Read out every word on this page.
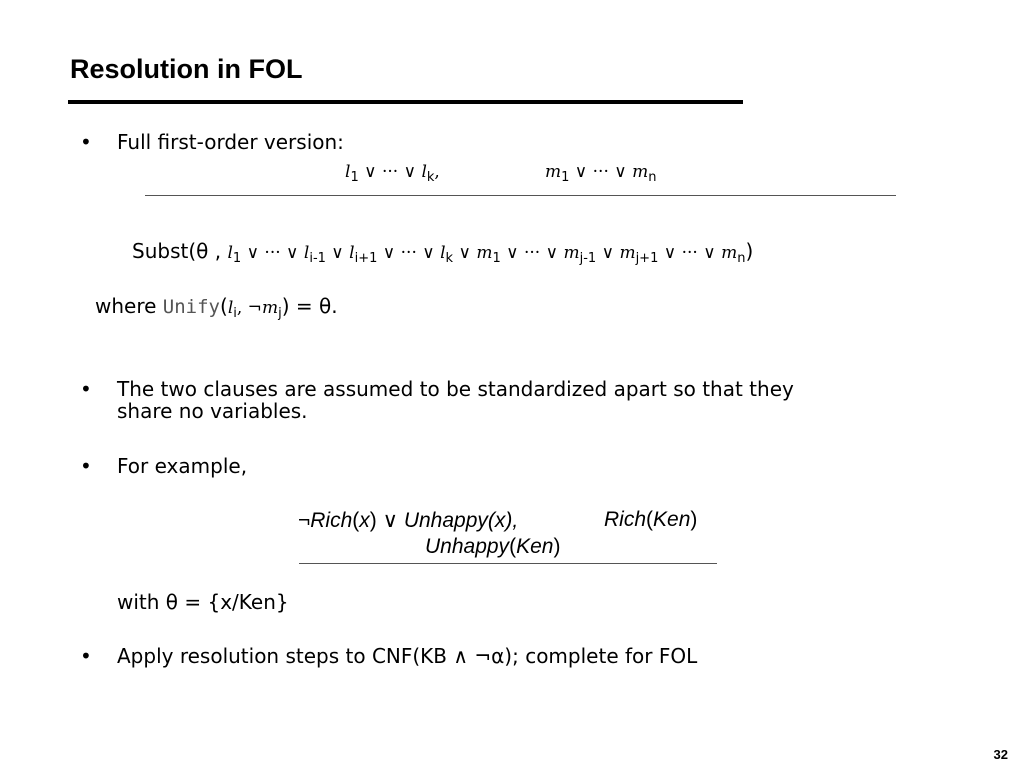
Resolution in FOL
• Full first-order version:
$l_1$ ∨ ··· ∨ $l_k$,	$m_1$ ∨ ··· ∨ $m_n$
Subst(θ , $l_1$ ∨ ··· ∨ $l_{i-1}$ ∨ $l_{i+1}$ ∨ ··· ∨ $l_k$ ∨ $m_1$ ∨ ··· ∨ $m_{j-1}$ ∨ $m_{j+1}$ ∨ ··· ∨ $m_n$)
where $Unify(l_i$, $\neg m_j) = \theta$.
• The two clauses are assumed to be standardized apart so that they
share no variables.
• For example,
¬Rich(x) ∨ Unhappy(x),	Rich(Ken)
Unhappy(Ken)
with θ = {x/Ken}
• Apply resolution steps to CNF(KB ∧ ¬α); complete for FOL
32
